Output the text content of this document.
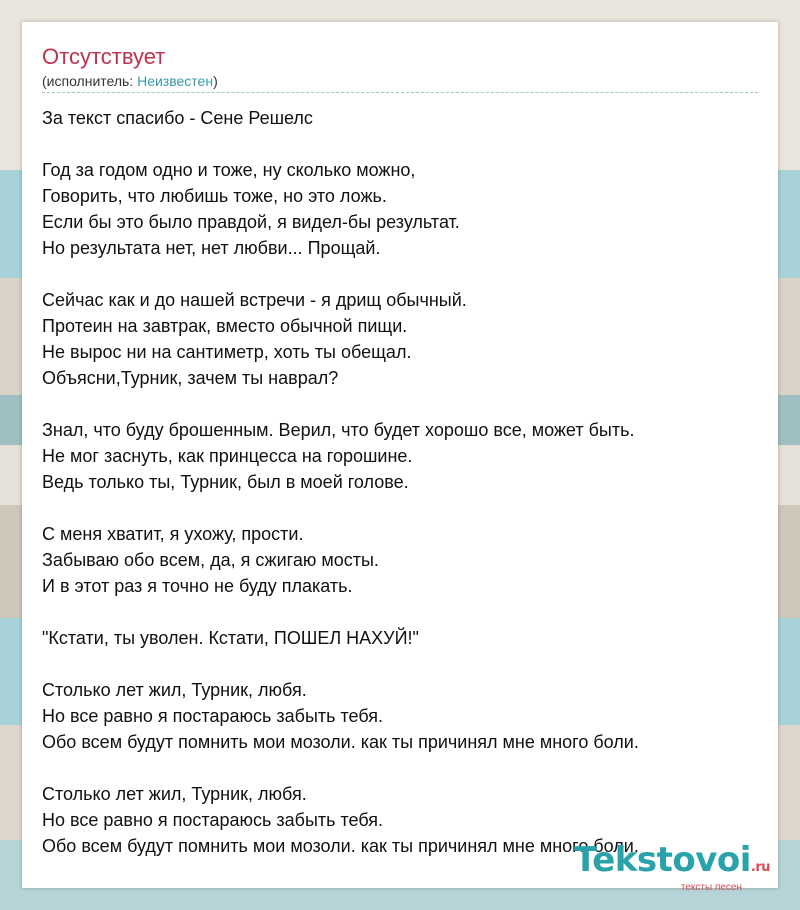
Отсутствует
(исполнитель: Неизвестен)
За текст спасибо - Сене Решелс
Год за годом одно и тоже, ну сколько можно,
Говорить, что любишь тоже, но это ложь.
Если бы это было правдой, я видел-бы результат.
Но результата нет, нет любви... Прощай.
Сейчас как и до нашей встречи - я дрищ обычный.
Протеин на завтрак, вместо обычной пищи.
Не вырос ни на сантиметр, хоть ты обещал.
Объясни,Турник, зачем ты наврал?
Знал, что буду брошенным. Верил, что будет хорошо все, может быть.
Не мог заснуть, как принцесса на горошине.
Ведь только ты, Турник, был в моей голове.
С меня хватит, я ухожу, прости.
Забываю обо всем, да, я сжигаю мосты.
И в этот раз я точно не буду плакать.
"Кстати, ты уволен. Кстати, ПОШЕЛ НАХУЙ!"
Столько лет жил, Турник, любя.
Но все равно я постараюсь забыть тебя.
Обо всем будут помнить мои мозоли. как ты причинял мне много боли.
Столько лет жил, Турник, любя.
Но все равно я постараюсь забыть тебя.
Обо всем будут помнить мои мозоли. как ты причинял мне много боли.
Tekstovoi.ru
тексты песен
